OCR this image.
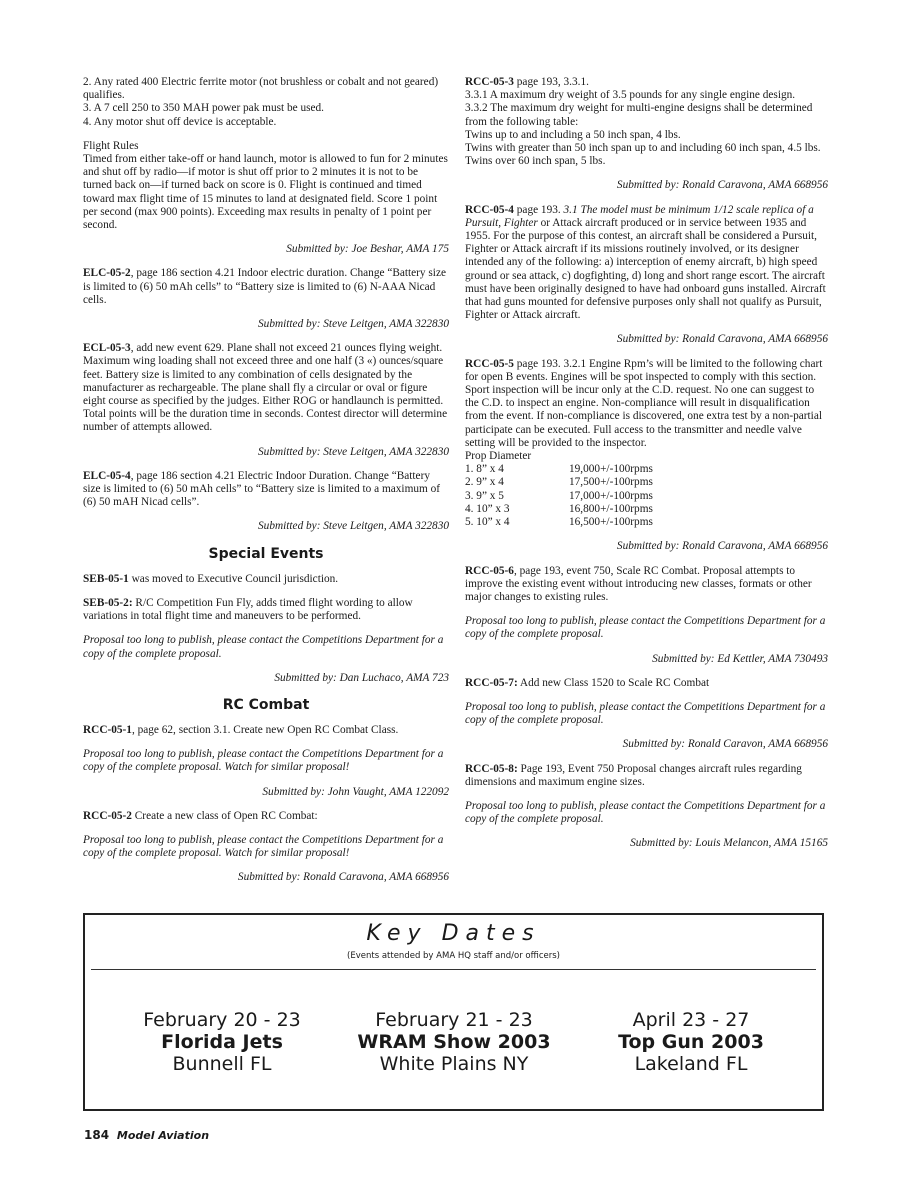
2. Any rated 400 Electric ferrite motor (not brushless or cobalt and not geared) qualifies.

3. A 7 cell 250 to 350 MAH power pak must be used.

4. Any motor shut off device is acceptable.

Flight Rules

Timed from either take-off or hand launch, motor is allowed to fun for 2 minutes and shut off by radio—if motor is shut off prior to 2 minutes it is not to be turned back on—if turned back on score is 0. Flight is continued and timed toward max flight time of 15 minutes to land at designated field. Score 1 point per second (max 900 points). Exceeding max results in penalty of 1 point per second.

Submitted by: Joe Beshar, AMA 175

ELC-05-2, page 186 section 4.21 Indoor electric duration. Change “Battery size is limited to (6) 50 mAh cells” to “Battery size is limited to (6) N-AAA Nicad cells.

Submitted by: Steve Leitgen, AMA 322830

ECL-05-3, add new event 629. Plane shall not exceed 21 ounces flying weight. Maximum wing loading shall not exceed three and one half (3 «) ounces/square feet. Battery size is limited to any combination of cells designated by the manufacturer as rechargeable. The plane shall fly a circular or oval or figure eight course as specified by the judges. Either ROG or handlaunch is permitted. Total points will be the duration time in seconds. Contest director will determine number of attempts allowed.

Submitted by: Steve Leitgen, AMA 322830

ELC-05-4, page 186 section 4.21 Electric Indoor Duration. Change “Battery size is limited to (6) 50 mAh cells” to “Battery size is limited to a maximum of (6) 50 mAH Nicad cells”.

Submitted by: Steve Leitgen, AMA 322830

Special Events

SEB-05-1 was moved to Executive Council jurisdiction.

SEB-05-2: R/C Competition Fun Fly, adds timed flight wording to allow variations in total flight time and maneuvers to be performed.

Proposal too long to publish, please contact the Competitions Department for a copy of the complete proposal.

Submitted by: Dan Luchaco, AMA 723

RC Combat

RCC-05-1, page 62, section 3.1. Create new Open RC Combat Class.

Proposal too long to publish, please contact the Competitions Department for a copy of the complete proposal. Watch for similar proposal!

Submitted by: John Vaught, AMA 122092

RCC-05-2 Create a new class of Open RC Combat:

Proposal too long to publish, please contact the Competitions Department for a copy of the complete proposal. Watch for similar proposal!

Submitted by: Ronald Caravona, AMA 668956

RCC-05-3 page 193, 3.3.1.

3.3.1 A maximum dry weight of 3.5 pounds for any single engine design.

3.3.2 The maximum dry weight for multi-engine designs shall be determined from the following table:

Twins up to and including a 50 inch span, 4 lbs.

Twins with greater than 50 inch span up to and including 60 inch span, 4.5 lbs.

Twins over 60 inch span, 5 lbs.

Submitted by: Ronald Caravona, AMA 668956

RCC-05-4 page 193. 3.1 The model must be minimum 1/12 scale replica of a Pursuit, Fighter or Attack aircraft produced or in service between 1935 and 1955. For the purpose of this contest, an aircraft shall be considered a Pursuit, Fighter or Attack aircraft if its missions routinely involved, or its designer intended any of the following: a) interception of enemy aircraft, b) high speed ground or sea attack, c) dogfighting, d) long and short range escort. The aircraft must have been originally designed to have had onboard guns installed. Aircraft that had guns mounted for defensive purposes only shall not qualify as Pursuit, Fighter or Attack aircraft.

Submitted by: Ronald Caravona, AMA 668956

RCC-05-5 page 193. 3.2.1 Engine Rpm’s will be limited to the following chart for open B events. Engines will be spot inspected to comply with this section. Sport inspection will be incur only at the C.D. request. No one can suggest to the C.D. to inspect an engine. Non-compliance will result in disqualification from the event. If non-compliance is discovered, one extra test by a non-partial participate can be executed. Full access to the transmitter and needle valve setting will be provided to the inspector.

Prop Diameter

1. 8” x 4	19,000+/-100rpms
2. 9” x 4	17,500+/-100rpms
3. 9” x 5	17,000+/-100rpms
4. 10” x 3	16,800+/-100rpms
5. 10” x 4	16,500+/-100rpms

Submitted by: Ronald Caravona, AMA 668956

RCC-05-6, page 193, event 750, Scale RC Combat. Proposal attempts to improve the existing event without introducing new classes, formats or other major changes to existing rules.

Proposal too long to publish, please contact the Competitions Department for a copy of the complete proposal.

Submitted by: Ed Kettler, AMA 730493

RCC-05-7: Add new Class 1520 to Scale RC Combat

Proposal too long to publish, please contact the Competitions Department for a copy of the complete proposal.

Submitted by: Ronald Caravon, AMA 668956

RCC-05-8: Page 193, Event 750 Proposal changes aircraft rules regarding dimensions and maximum engine sizes.

Proposal too long to publish, please contact the Competitions Department for a copy of the complete proposal.

Submitted by: Louis Melancon, AMA 15165

Key Dates
(Events attended by AMA HQ staff and/or officers)
February 20 - 23
Florida Jets
Bunnell FL
February 21 - 23
WRAM Show 2003
White Plains NY
April 23 - 27
Top Gun 2003
Lakeland FL
184 Model Aviation
